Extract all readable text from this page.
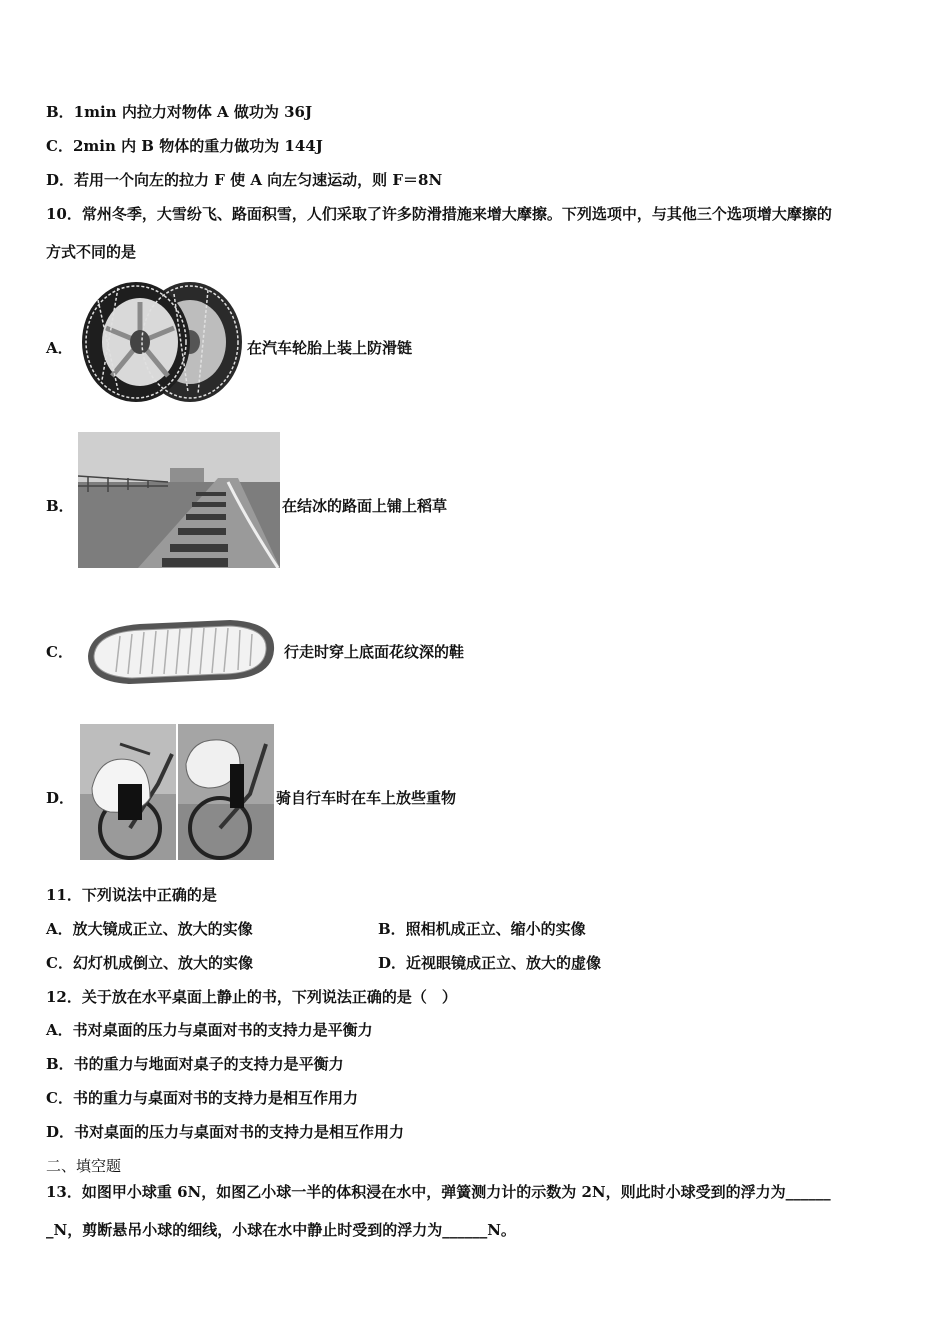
B．1min 内拉力对物体 A 做功为 36J
C．2min 内 B 物体的重力做功为 144J
D．若用一个向左的拉力 F 使 A 向左匀速运动，则 F＝8N
10．常州冬季，大雪纷飞、路面积雪，人们采取了许多防滑措施来增大摩擦。下列选项中，与其他三个选项增大摩擦的
方式不同的是
A．	在汽车轮胎上装上防滑链
B．	在结冰的路面上铺上稻草
C．	行走时穿上底面花纹深的鞋
D．	骑自行车时在车上放些重物
11．下列说法中正确的是
A．放大镜成正立、放大的实像	B．照相机成正立、缩小的实像
C．幻灯机成倒立、放大的实像	D．近视眼镜成正立、放大的虚像
12．关于放在水平桌面上静止的书，下列说法正确的是（　）
A．书对桌面的压力与桌面对书的支持力是平衡力
B．书的重力与地面对桌子的支持力是平衡力
C．书的重力与桌面对书的支持力是相互作用力
D．书对桌面的压力与桌面对书的支持力是相互作用力
二、填空题
13．如图甲小球重 6N，如图乙小球一半的体积浸在水中，弹簧测力计的示数为 2N，则此时小球受到的浮力为______
_N，剪断悬吊小球的细线，小球在水中静止时受到的浮力为______N。
